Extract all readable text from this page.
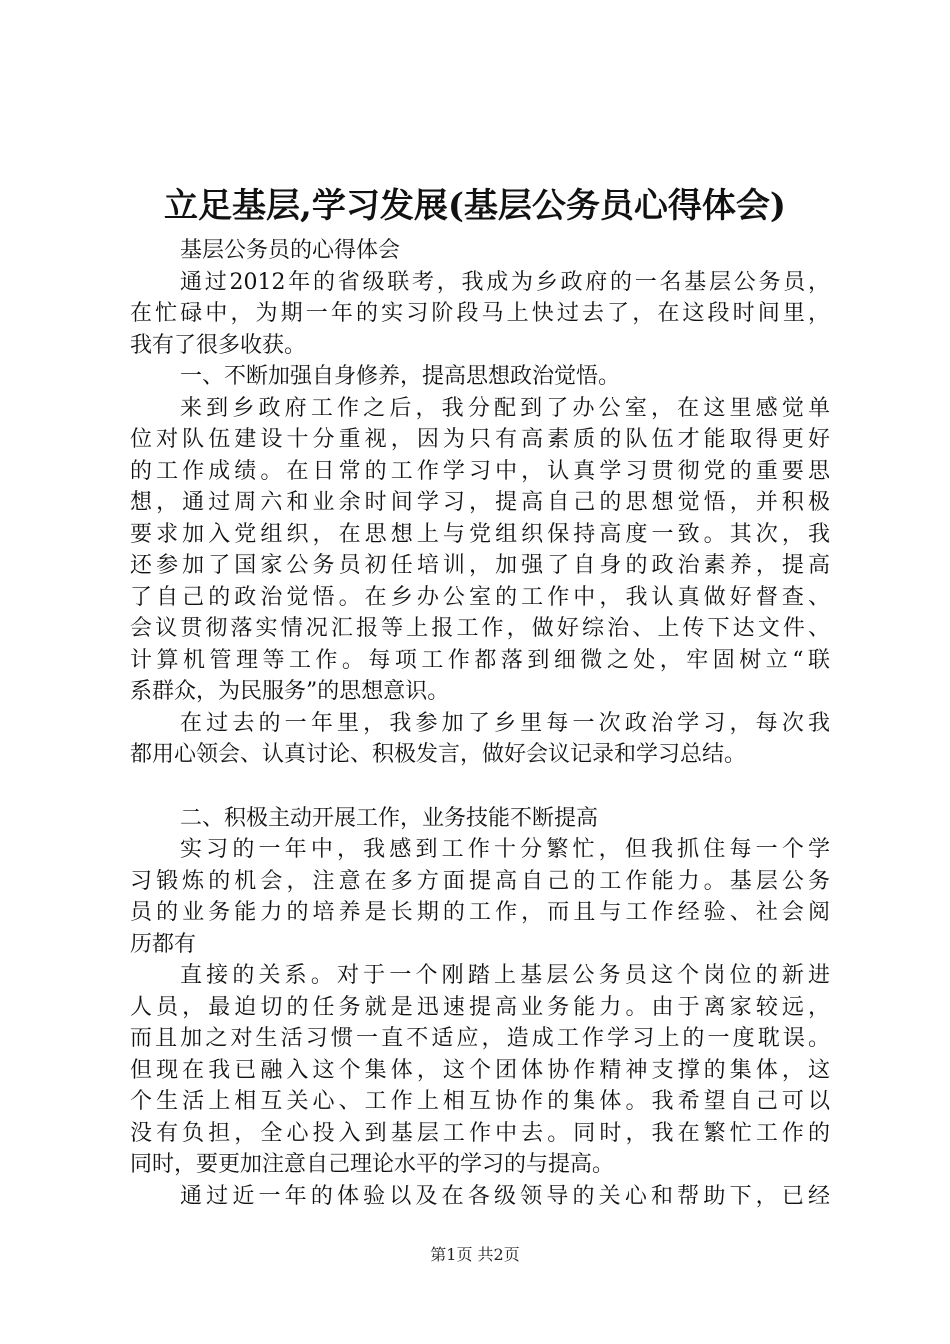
立足基层,学习发展(基层公务员心得体会)
基层公务员的心得体会
通过2012年的省级联考，我成为乡政府的一名基层公务员，
在忙碌中，为期一年的实习阶段马上快过去了，在这段时间里，
我有了很多收获。
一、不断加强自身修养，提高思想政治觉悟。
来到乡政府工作之后，我分配到了办公室，在这里感觉单
位对队伍建设十分重视，因为只有高素质的队伍才能取得更好
的工作成绩。在日常的工作学习中，认真学习贯彻党的重要思
想，通过周六和业余时间学习，提高自己的思想觉悟，并积极
要求加入党组织，在思想上与党组织保持高度一致。其次，我
还参加了国家公务员初任培训，加强了自身的政治素养，提高
了自己的政治觉悟。在乡办公室的工作中，我认真做好督查、
会议贯彻落实情况汇报等上报工作，做好综治、上传下达文件、
计算机管理等工作。每项工作都落到细微之处，牢固树立“联
系群众，为民服务”的思想意识。
在过去的一年里，我参加了乡里每一次政治学习，每次我
都用心领会、认真讨论、积极发言，做好会议记录和学习总结。
二、积极主动开展工作，业务技能不断提高
实习的一年中，我感到工作十分繁忙，但我抓住每一个学
习锻炼的机会，注意在多方面提高自己的工作能力。基层公务
员的业务能力的培养是长期的工作，而且与工作经验、社会阅
历都有
直接的关系。对于一个刚踏上基层公务员这个岗位的新进
人员，最迫切的任务就是迅速提高业务能力。由于离家较远，
而且加之对生活习惯一直不适应，造成工作学习上的一度耽误。
但现在我已融入这个集体，这个团体协作精神支撑的集体，这
个生活上相互关心、工作上相互协作的集体。我希望自己可以
没有负担，全心投入到基层工作中去。同时，我在繁忙工作的
同时，要更加注意自己理论水平的学习的与提高。
通过近一年的体验以及在各级领导的关心和帮助下，已经
第1页 共2页
